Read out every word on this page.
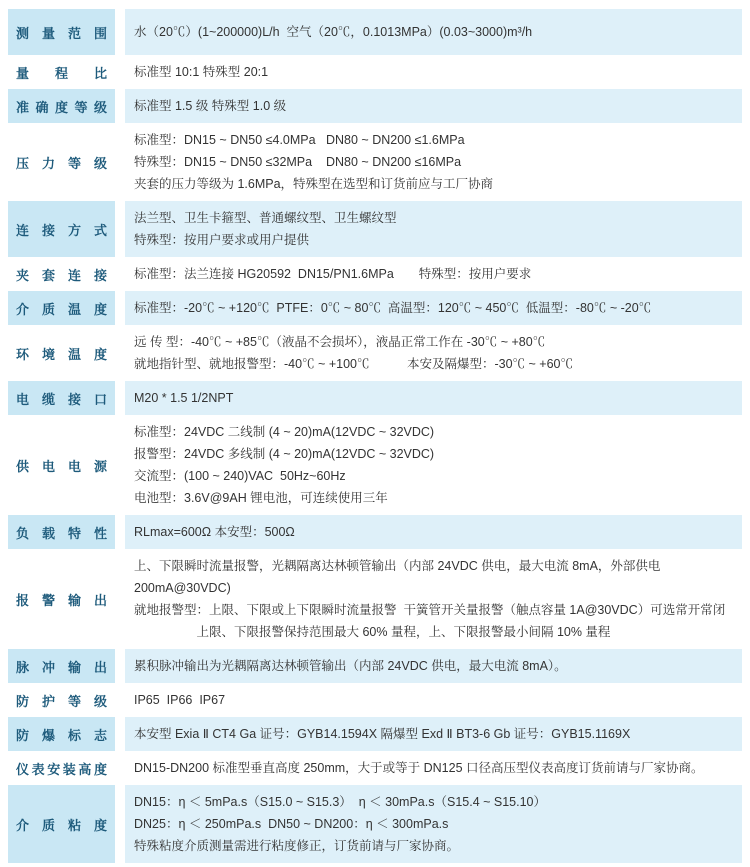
测量范围 水（20℃）(1~200000)L/h  空气（20℃，0.1013MPa）(0.03~3000)m³/h
量程比 标准型 10:1 特殊型 20:1
准确度等级 标准型 1.5 级 特殊型 1.0 级
压力等级
标准型：DN15 ~ DN50 ≤4.0MPa   DN80 ~ DN200 ≤1.6MPa
特殊型：DN15 ~ DN50 ≤32MPa    DN80 ~ DN200 ≤16MPa
夹套的压力等级为 1.6MPa，特殊型在选型和订货前应与工厂协商
连接方式
法兰型、卫生卡箍型、普通螺纹型、卫生螺纹型
特殊型：按用户要求或用户提供
夹套连接 标准型：法兰连接 HG20592  DN15/PN1.6MPa　　特殊型：按用户要求
介质温度 标准型：-20℃ ~ +120℃  PTFE：0℃ ~ 80℃  高温型：120℃ ~ 450℃  低温型：-80℃ ~ -20℃
环境温度
远 传 型：-40℃ ~ +85℃（液晶不会损坏），液晶正常工作在 -30℃ ~ +80℃
就地指针型、就地报警型：-40℃ ~ +100℃　　　本安及隔爆型：-30℃ ~ +60℃
电缆接口 M20 * 1.5 1/2NPT
供电电源
标准型：24VDC 二线制 (4 ~ 20)mA(12VDC ~ 32VDC)
报警型：24VDC 多线制 (4 ~ 20)mA(12VDC ~ 32VDC)
交流型：(100 ~ 240)VAC  50Hz~60Hz
电池型：3.6V@9AH 锂电池，可连续使用三年
负载特性 RLmax=600Ω 本安型：500Ω
报警输出
上、下限瞬时流量报警，光耦隔离达林顿管输出（内部 24VDC 供电，最大电流 8mA，外部供电 200mA@30VDC)
就地报警型：上限、下限或上下限瞬时流量报警  干簧管开关量报警（触点容量 1A@30VDC）可选常开常闭
　　　　　上限、下限报警保持范围最大 60% 量程，上、下限报警最小间隔 10% 量程
脉冲输出 累积脉冲输出为光耦隔离达林顿管输出（内部 24VDC 供电，最大电流 8mA）。
防护等级 IP65  IP66  IP67
防爆标志 本安型 Exia Ⅱ CT4 Ga 证号：GYB14.1594X 隔爆型 Exd Ⅱ BT3-6 Gb 证号：GYB15.1169X
仪表安装高度 DN15-DN200 标准型垂直高度 250mm，大于或等于 DN125 口径高压型仪表高度订货前请与厂家协商。
介质粘度
DN15：η ＜ 5mPa.s（S15.0 ~ S15.3）  η ＜ 30mPa.s（S15.4 ~ S15.10）
DN25：η ＜ 250mPa.s  DN50 ~ DN200：η ＜ 300mPa.s
特殊粘度介质测量需进行粘度修正，订货前请与厂家协商。
